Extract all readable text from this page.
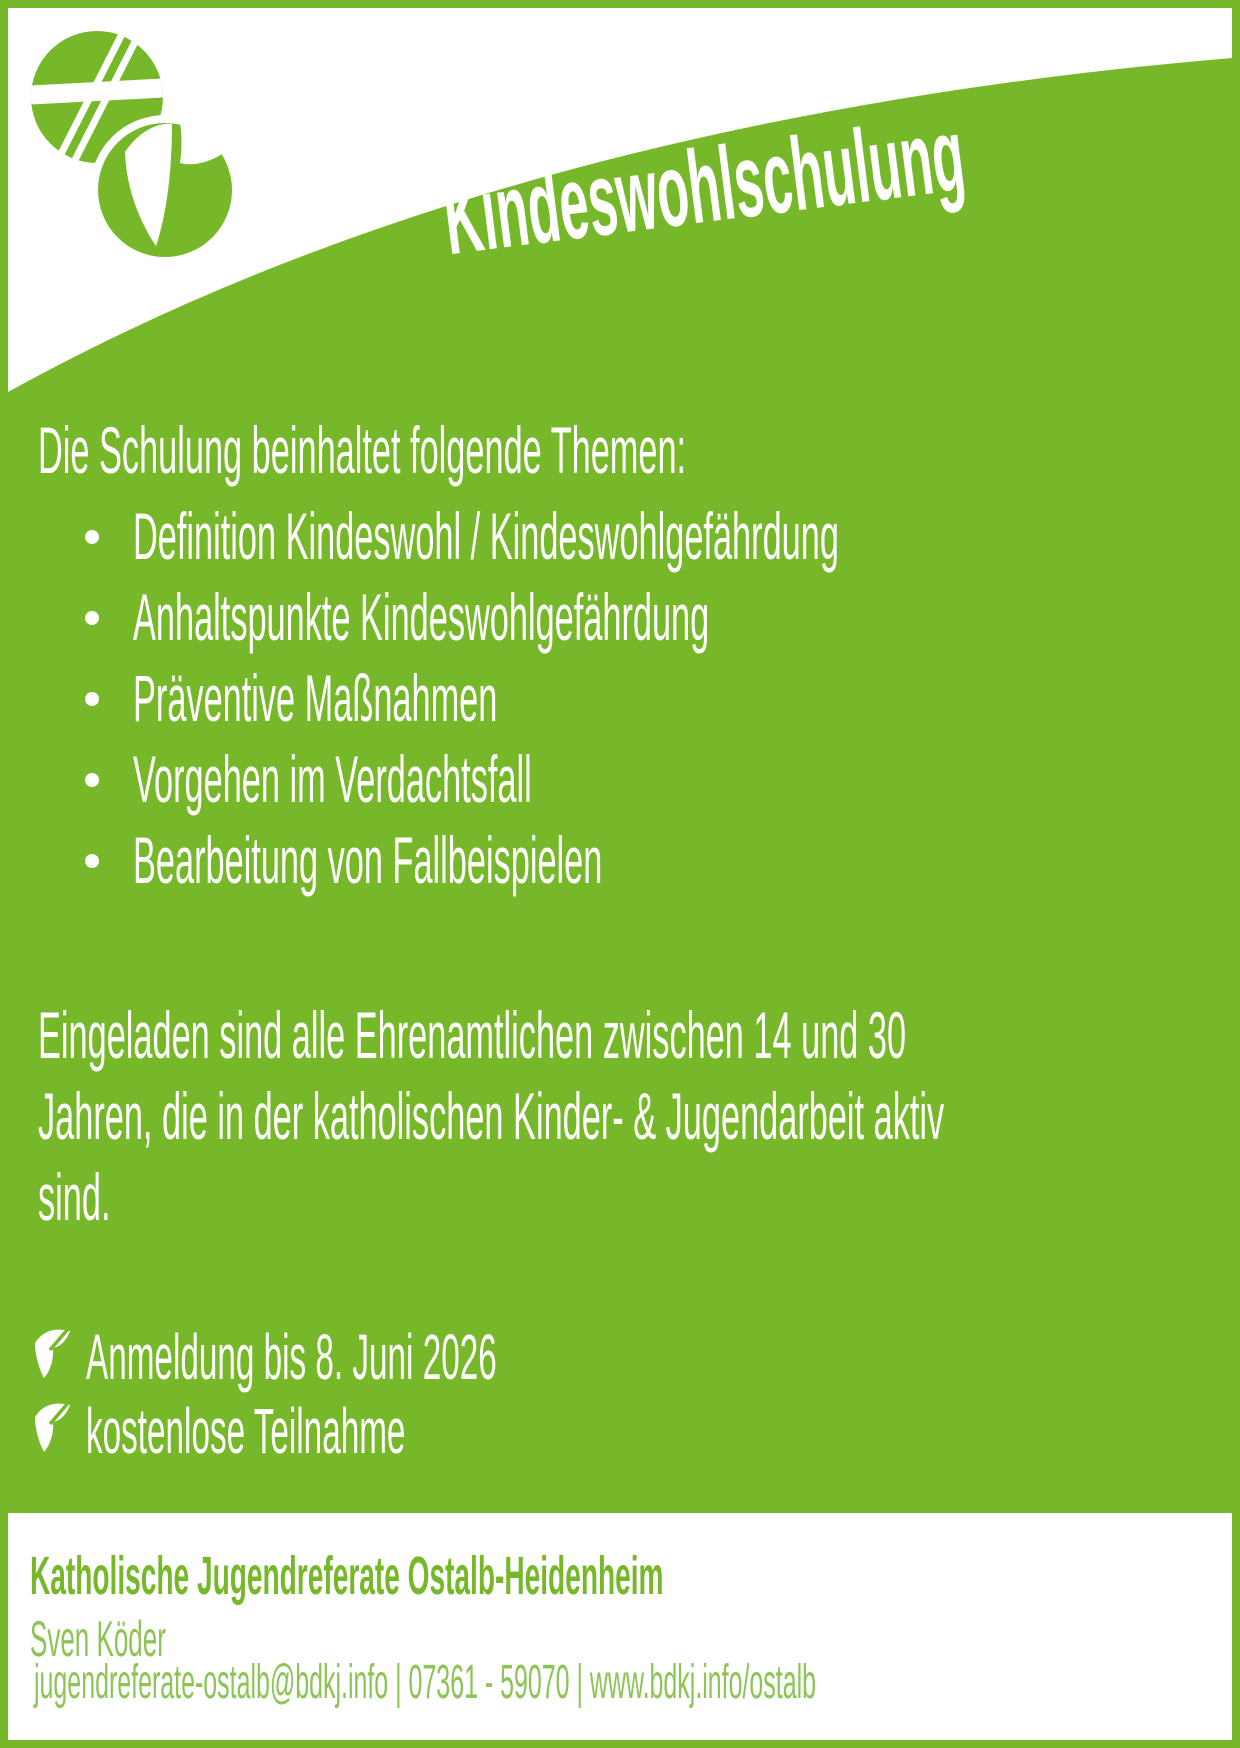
Kindeswohlschulung
Die Schulung beinhaltet folgende Themen:
Definition Kindeswohl / Kindeswohlgefährdung
Anhaltspunkte Kindeswohlgefährdung
Präventive Maßnahmen
Vorgehen im Verdachtsfall
Bearbeitung von Fallbeispielen
Eingeladen sind alle Ehrenamtlichen zwischen 14 und 30
Jahren, die in der katholischen Kinder- & Jugendarbeit aktiv
sind.
Anmeldung bis 8. Juni 2026
kostenlose Teilnahme
Katholische Jugendreferate Ostalb-Heidenheim
Sven Köder
jugendreferate-ostalb@bdkj.info | 07361 - 59070 | www.bdkj.info/ostalb
